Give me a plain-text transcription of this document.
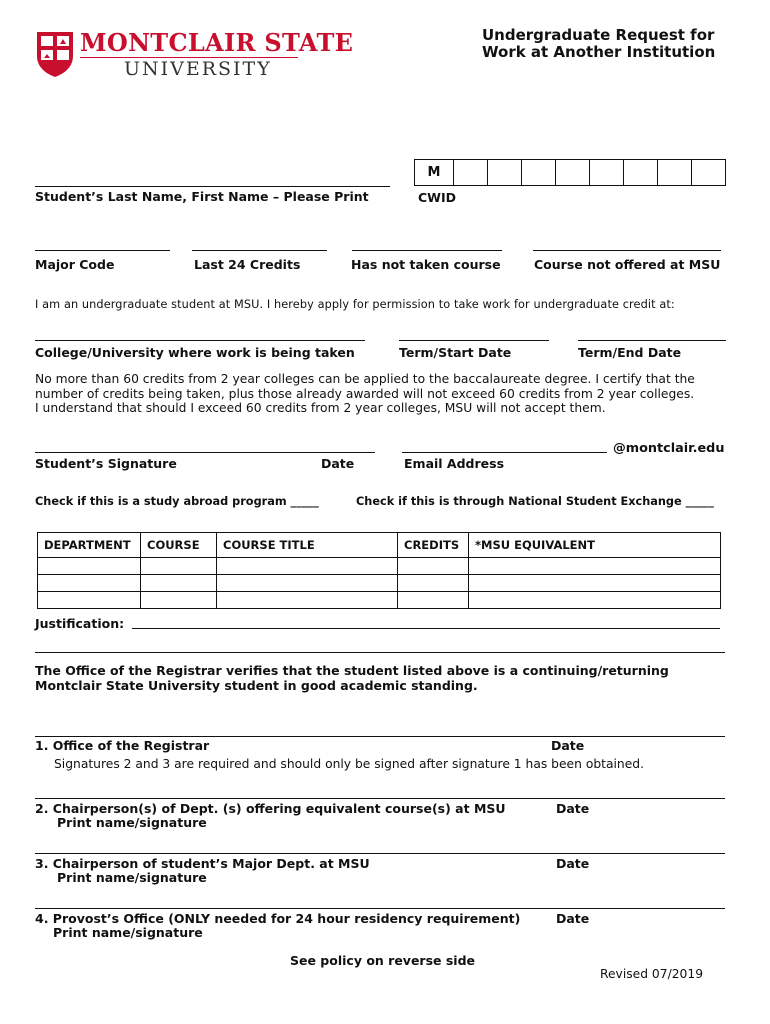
MONTCLAIR STATE
UNIVERSITY
Undergraduate Request for
Work at Another Institution
Student’s Last Name, First Name – Please Print
M								
CWID
Major Code	Last 24 Credits	Has not taken course	Course not offered at MSU
I am an undergraduate student at MSU. I hereby apply for permission to take work for undergraduate credit at:
College/University where work is being taken	Term/Start Date	Term/End Date
No more than 60 credits from 2 year colleges can be applied to the baccalaureate degree. I certify that the
number of credits being taken, plus those already awarded will not exceed 60 credits from 2 year colleges.
I understand that should I exceed 60 credits from 2 year colleges, MSU will not accept them.
Student’s Signature	Date
@montclair.edu
Email Address
Check if this is a study abroad program _____	Check if this is through National Student Exchange _____
DEPARTMENT	COURSE	COURSE TITLE	CREDITS	*MSU EQUIVALENT

Justification:
The Office of the Registrar verifies that the student listed above is a continuing/returning
Montclair State University student in good academic standing.
1. Office of the Registrar	Date
Signatures 2 and 3 are required and should only be signed after signature 1 has been obtained.
2. Chairperson(s) of Dept. (s) offering equivalent course(s) at MSU
Print name/signature
Date
3. Chairperson of student’s Major Dept. at MSU
Print name/signature
Date
4. Provost’s Office (ONLY needed for 24 hour residency requirement)
Print name/signature
Date
See policy on reverse side
Revised 07/2019
